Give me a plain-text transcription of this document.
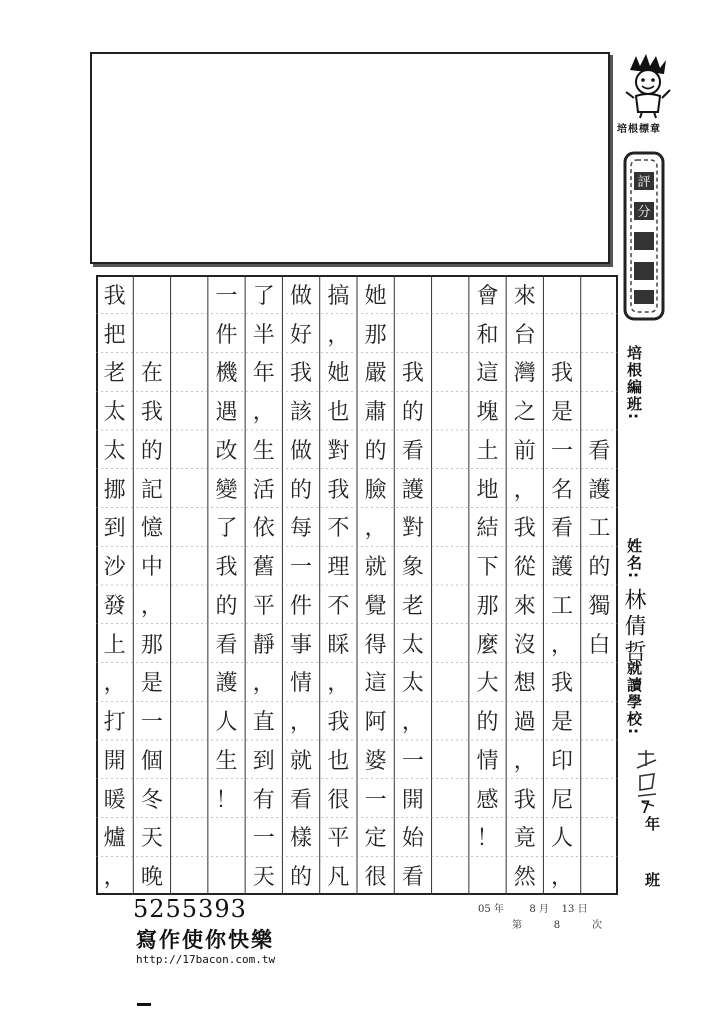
培根標章
評
分
培根編班:
姓名:
林倩哲
就讀學校:
7
年
班
看
護
工
的
獨
白
我
是
一
名
看
護
工
，
我
是
印
尼
人
，
來
台
灣
之
前
，
我
從
來
沒
想
過
，
我
竟
然
會
和
這
塊
土
地
結
下
那
麼
大
的
情
感
！
我
的
看
護
對
象
老
太
太
，
一
開
始
看
她
那
嚴
肅
的
臉
，
就
覺
得
這
阿
婆
一
定
很
搞
，
她
也
對
我
不
理
不
睬
，
我
也
很
平
凡
做
好
我
該
做
的
每
一
件
事
情
，
就
看
樣
的
了
半
年
，
生
活
依
舊
平
靜
，
直
到
有
一
天
一
件
機
遇
改
變
了
我
的
看
護
人
生
！
在
我
的
記
憶
中
，
那
是
一
個
冬
天
晚
我
把
老
太
太
挪
到
沙
發
上
，
打
開
暖
爐
，
05 年	8 月 13 日
第	8	次
5255393
寫作使你快樂
http://17bacon.com.tw
